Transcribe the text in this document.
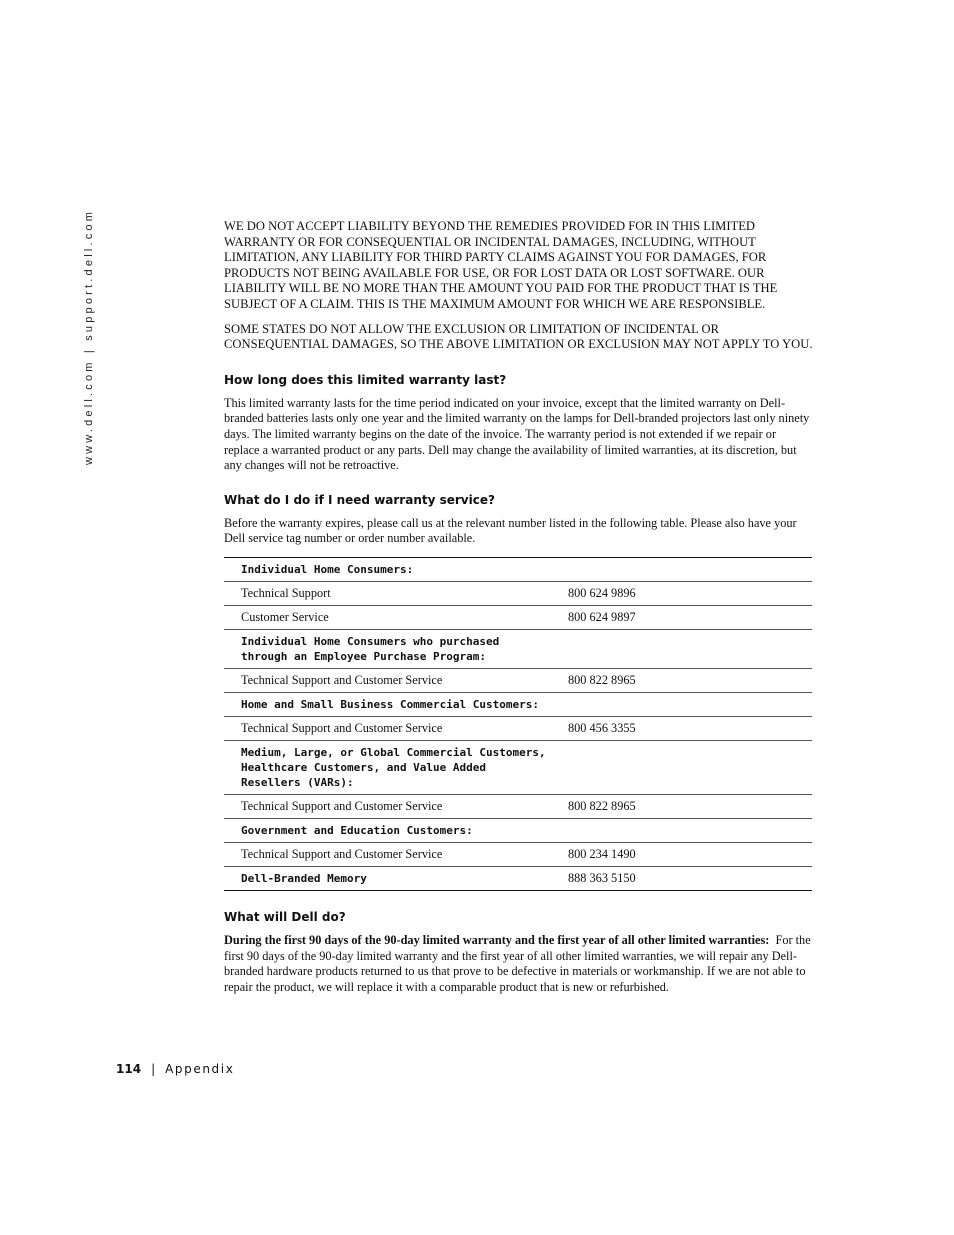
www.dell.com | support.dell.com	WE DO NOT ACCEPT LIABILITY BEYOND THE REMEDIES PROVIDED FOR IN THIS LIMITED WARRANTY OR FOR CONSEQUENTIAL OR INCIDENTAL DAMAGES, INCLUDING, WITHOUT LIMITATION, ANY LIABILITY FOR THIRD PARTY CLAIMS AGAINST YOU FOR DAMAGES, FOR PRODUCTS NOT BEING AVAILABLE FOR USE, OR FOR LOST DATA OR LOST SOFTWARE. OUR LIABILITY WILL BE NO MORE THAN THE AMOUNT YOU PAID FOR THE PRODUCT THAT IS THE SUBJECT OF A CLAIM. THIS IS THE MAXIMUM AMOUNT FOR WHICH WE ARE RESPONSIBLE.

SOME STATES DO NOT ALLOW THE EXCLUSION OR LIMITATION OF INCIDENTAL OR CONSEQUENTIAL DAMAGES, SO THE ABOVE LIMITATION OR EXCLUSION MAY NOT APPLY TO YOU.

How long does this limited warranty last?

This limited warranty lasts for the time period indicated on your invoice, except that the limited warranty on Dell-branded batteries lasts only one year and the limited warranty on the lamps for Dell-branded projectors last only ninety days. The limited warranty begins on the date of the invoice. The warranty period is not extended if we repair or replace a warranted product or any parts. Dell may change the availability of limited warranties, at its discretion, but any changes will not be retroactive.

What do I do if I need warranty service?

Before the warranty expires, please call us at the relevant number listed in the following table. Please also have your Dell service tag number or order number available.

Individual Home Consumers:	
Technical Support	800 624 9896
Customer Service	800 624 9897
Individual Home Consumers who purchased through an Employee Purchase Program:	
Technical Support and Customer Service	800 822 8965
Home and Small Business Commercial Customers:	
Technical Support and Customer Service	800 456 3355
Medium, Large, or Global Commercial Customers, Healthcare Customers, and Value Added Resellers (VARs):	
Technical Support and Customer Service	800 822 8965
Government and Education Customers:	
Technical Support and Customer Service	800 234 1490
Dell-Branded Memory	888 363 5150
What will Dell do?

During the first 90 days of the 90-day limited warranty and the first year of all other limited warranties: For the first 90 days of the 90-day limited warranty and the first year of all other limited warranties, we will repair any Dell-branded hardware products returned to us that prove to be defective in materials or workmanship. If we are not able to repair the product, we will replace it with a comparable product that is new or refurbished.

114 | Appendix
